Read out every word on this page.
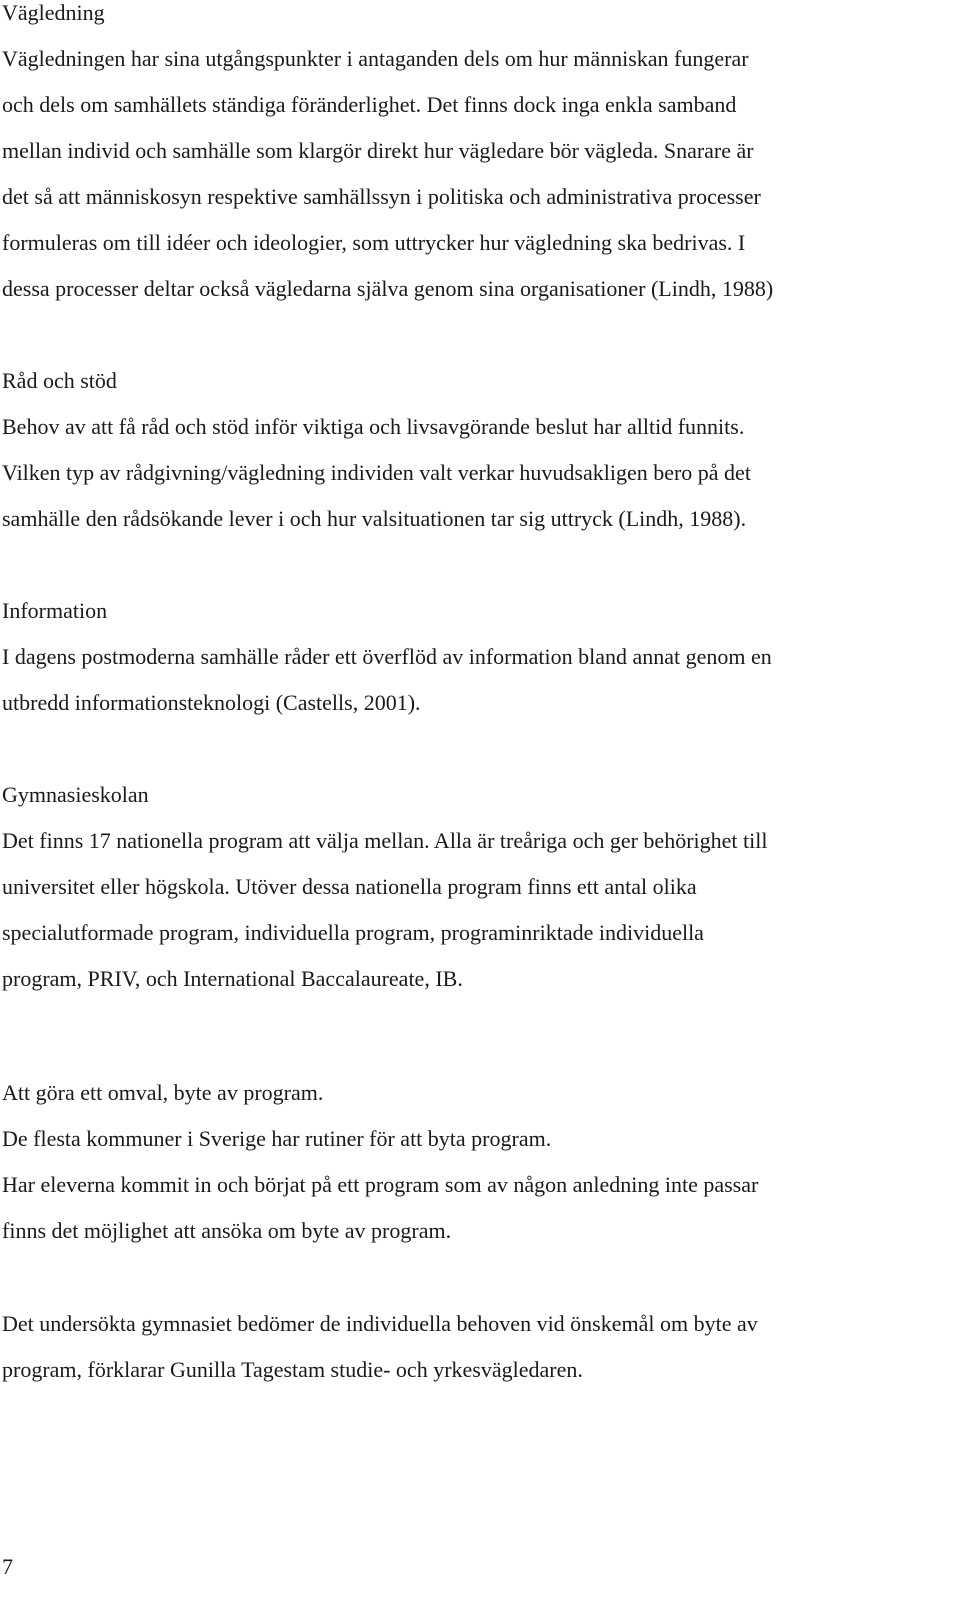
Vägledning
Vägledningen har sina utgångspunkter i antaganden dels om hur människan fungerar
och dels om samhällets ständiga föränderlighet. Det finns dock inga enkla samband
mellan individ och samhälle som klargör direkt hur vägledare bör vägleda. Snarare är
det så att människosyn respektive samhällssyn i politiska och administrativa processer
formuleras om till idéer och ideologier, som uttrycker hur vägledning ska bedrivas. I
dessa processer deltar också vägledarna själva genom sina organisationer (Lindh, 1988)
Råd och stöd
Behov av att få råd och stöd inför viktiga och livsavgörande beslut har alltid funnits.
Vilken typ av rådgivning/vägledning individen valt verkar huvudsakligen bero på det
samhälle den rådsökande lever i och hur valsituationen tar sig uttryck (Lindh, 1988).
Information
I dagens postmoderna samhälle råder ett överflöd av information bland annat genom en
utbredd informationsteknologi (Castells, 2001).
Gymnasieskolan
Det finns 17 nationella program att välja mellan. Alla är treåriga och ger behörighet till
universitet eller högskola. Utöver dessa nationella program finns ett antal olika
specialutformade program, individuella program, programinriktade individuella
program, PRIV, och International Baccalaureate, IB.
Att göra ett omval, byte av program.
De flesta kommuner i Sverige har rutiner för att byta program.
Har eleverna kommit in och börjat på ett program som av någon anledning inte passar
finns det möjlighet att ansöka om byte av program.
Det undersökta gymnasiet bedömer de individuella behoven vid önskemål om byte av
program, förklarar Gunilla Tagestam studie- och yrkesvägledaren.
7
